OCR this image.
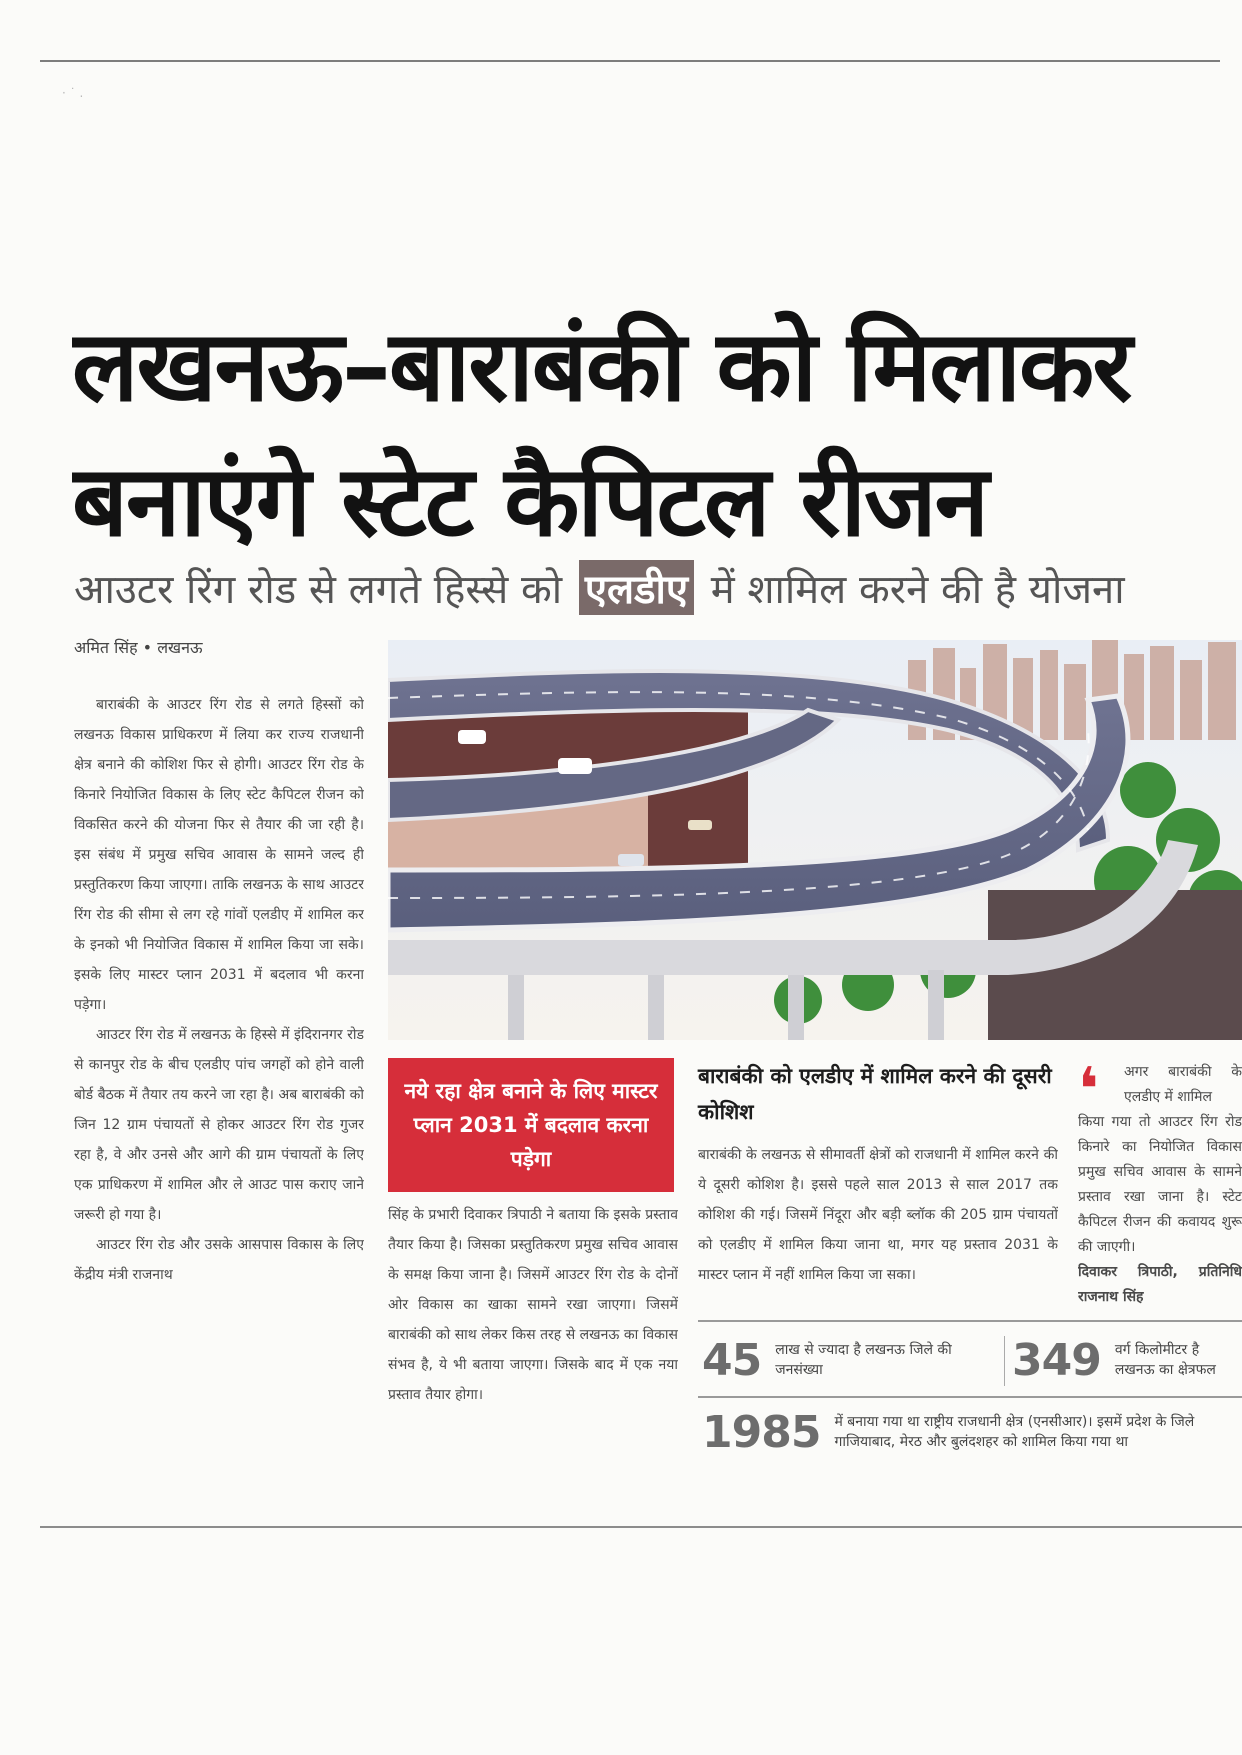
· ˙ .
लखनऊ–बाराबंकी को मिलाकर
बनाएंगे स्टेट कैपिटल रीजन
आउटर रिंग रोड से लगते हिस्से को एलडीए में शामिल करने की है योजना
अमित सिंह • लखनऊ

बाराबंकी के आउटर रिंग रोड से लगते हिस्सों को लखनऊ विकास प्राधिकरण में लिया कर राज्य राजधानी क्षेत्र बनाने की कोशिश फिर से होगी। आउटर रिंग रोड के किनारे नियोजित विकास के लिए स्टेट कैपिटल रीजन को विकसित करने की योजना फिर से तैयार की जा रही है। इस संबंध में प्रमुख सचिव आवास के सामने जल्द ही प्रस्तुतिकरण किया जाएगा। ताकि लखनऊ के साथ आउटर रिंग रोड की सीमा से लग रहे गांवों एलडीए में शामिल कर के इनको भी नियोजित विकास में शामिल किया जा सके। इसके लिए मास्टर प्लान 2031 में बदलाव भी करना पड़ेगा।

आउटर रिंग रोड में लखनऊ के हिस्से में इंदिरानगर रोड से कानपुर रोड के बीच एलडीए पांच जगहों को होने वाली बोर्ड बैठक में तैयार तय करने जा रहा है। अब बाराबंकी को जिन 12 ग्राम पंचायतों से होकर आउटर रिंग रोड गुजर रहा है, वे और उनसे और आगे की ग्राम पंचायतों के लिए एक प्राधिकरण में शामिल और ले आउट पास कराए जाने जरूरी हो गया है।

आउटर रिंग रोड और उसके आसपास विकास के लिए केंद्रीय मंत्री राजनाथ

नये रहा क्षेत्र बनाने के लिए मास्टर प्लान 2031 में बदलाव करना पड़ेगा

सिंह के प्रभारी दिवाकर त्रिपाठी ने बताया कि इसके प्रस्ताव तैयार किया है। जिसका प्रस्तुतिकरण प्रमुख सचिव आवास के समक्ष किया जाना है। जिसमें आउटर रिंग रोड के दोनों ओर विकास का खाका सामने रखा जाएगा। जिसमें बाराबंकी को साथ लेकर किस तरह से लखनऊ का विकास संभव है, ये भी बताया जाएगा। जिसके बाद में एक नया प्रस्ताव तैयार होगा।

बाराबंकी को एलडीए में शामिल करने की दूसरी कोशिश

बाराबंकी के लखनऊ से सीमावर्ती क्षेत्रों को राजधानी में शामिल करने की ये दूसरी कोशिश है। इससे पहले साल 2013 से साल 2017 तक कोशिश की गई। जिसमें निंदूरा और बड़ी ब्लॉक की 205 ग्राम पंचायतों को एलडीए में शामिल किया जाना था, मगर यह प्रस्ताव 2031 के मास्टर प्लान में नहीं शामिल किया जा सका।

❛	अगर बाराबंकी के एलडीए में शामिल

किया गया तो आउटर रिंग रोड किनारे का नियोजित विकास प्रमुख सचिव आवास के सामने प्रस्ताव रखा जाना है। स्टेट कैपिटल रीजन की कवायद शुरू की जाएगी।

दिवाकर त्रिपाठी, प्रतिनिधि राजनाथ सिंह

45 लाख से ज्यादा है लखनऊ जिले की जनसंख्या	349 वर्ग किलोमीटर है लखनऊ का क्षेत्रफल
1985 में बनाया गया था राष्ट्रीय राजधानी क्षेत्र (एनसीआर)। इसमें प्रदेश के जिले गाजियाबाद, मेरठ और बुलंदशहर को शामिल किया गया था
